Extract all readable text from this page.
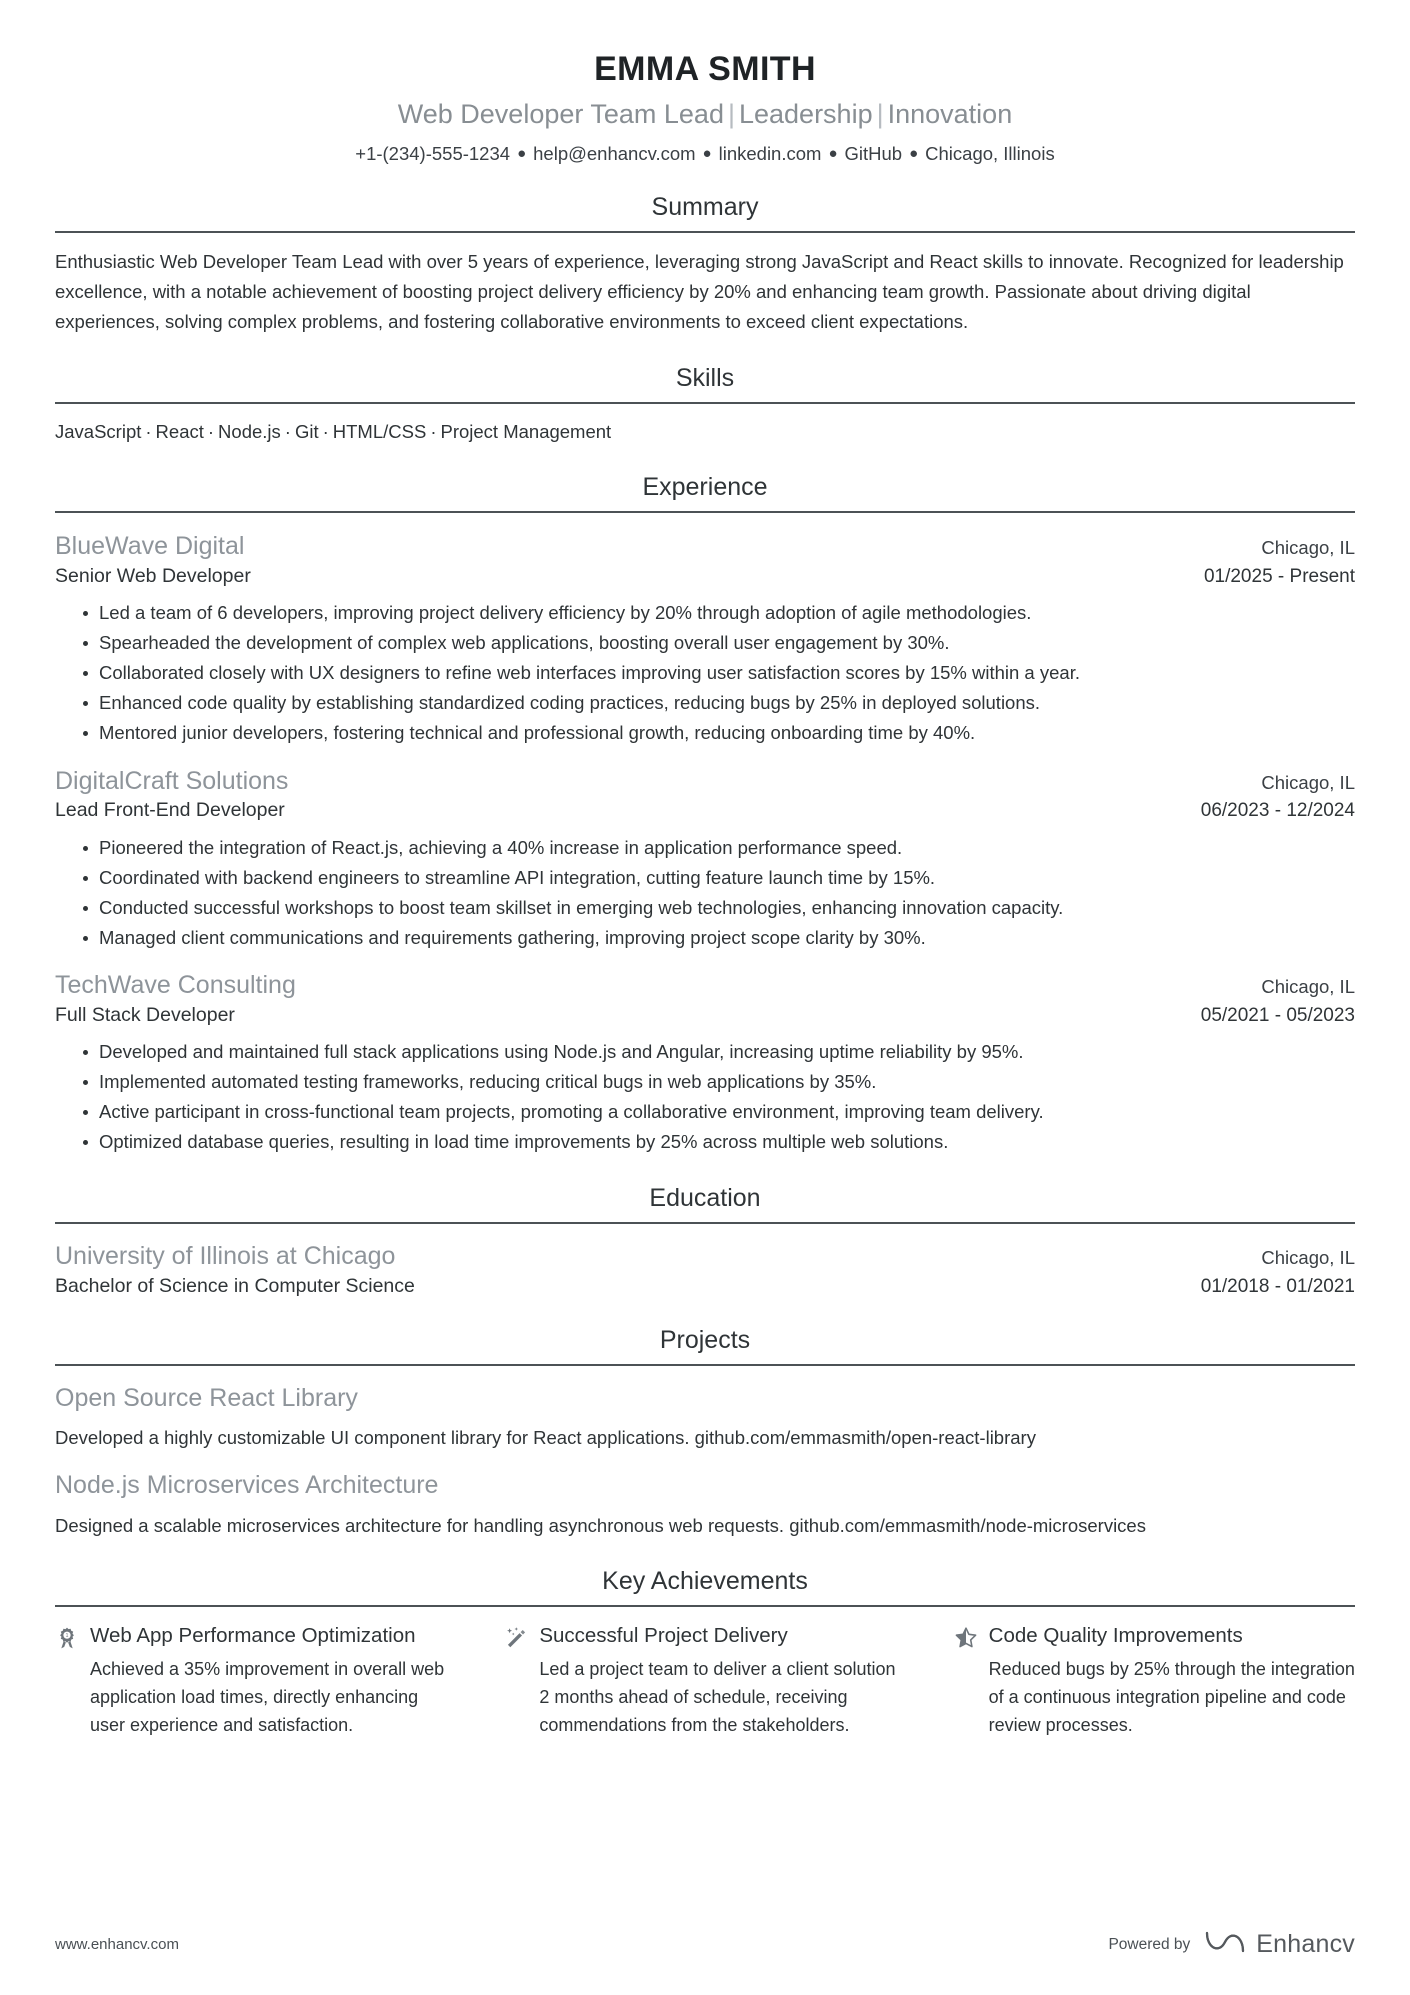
EMMA SMITH
Web Developer Team Lead | Leadership | Innovation
+1-(234)-555-1234 ● help@enhancv.com ● linkedin.com ● GitHub ● Chicago, Illinois
Summary
Enthusiastic Web Developer Team Lead with over 5 years of experience, leveraging strong JavaScript and React skills to innovate. Recognized for leadership excellence, with a notable achievement of boosting project delivery efficiency by 20% and enhancing team growth. Passionate about driving digital experiences, solving complex problems, and fostering collaborative environments to exceed client expectations.
Skills
JavaScript · React · Node.js · Git · HTML/CSS · Project Management
Experience
BlueWave Digital	Chicago, IL
Senior Web Developer	01/2025 - Present
Led a team of 6 developers, improving project delivery efficiency by 20% through adoption of agile methodologies.
Spearheaded the development of complex web applications, boosting overall user engagement by 30%.
Collaborated closely with UX designers to refine web interfaces improving user satisfaction scores by 15% within a year.
Enhanced code quality by establishing standardized coding practices, reducing bugs by 25% in deployed solutions.
Mentored junior developers, fostering technical and professional growth, reducing onboarding time by 40%.
DigitalCraft Solutions	Chicago, IL
Lead Front-End Developer	06/2023 - 12/2024
Pioneered the integration of React.js, achieving a 40% increase in application performance speed.
Coordinated with backend engineers to streamline API integration, cutting feature launch time by 15%.
Conducted successful workshops to boost team skillset in emerging web technologies, enhancing innovation capacity.
Managed client communications and requirements gathering, improving project scope clarity by 30%.
TechWave Consulting	Chicago, IL
Full Stack Developer	05/2021 - 05/2023
Developed and maintained full stack applications using Node.js and Angular, increasing uptime reliability by 95%.
Implemented automated testing frameworks, reducing critical bugs in web applications by 35%.
Active participant in cross-functional team projects, promoting a collaborative environment, improving team delivery.
Optimized database queries, resulting in load time improvements by 25% across multiple web solutions.
Education
University of Illinois at Chicago	Chicago, IL
Bachelor of Science in Computer Science	01/2018 - 01/2021
Projects
Open Source React Library
Developed a highly customizable UI component library for React applications. github.com/emmasmith/open-react-library
Node.js Microservices Architecture
Designed a scalable microservices architecture for handling asynchronous web requests. github.com/emmasmith/node-microservices
Key Achievements
1 Web App Performance Optimization
Achieved a 35% improvement in overall web application load times, directly enhancing user experience and satisfaction.
Successful Project Delivery
Led a project team to deliver a client solution 2 months ahead of schedule, receiving commendations from the stakeholders.
Code Quality Improvements
Reduced bugs by 25% through the integration of a continuous integration pipeline and code review processes.
www.enhancv.com	Powered by	Enhancv
